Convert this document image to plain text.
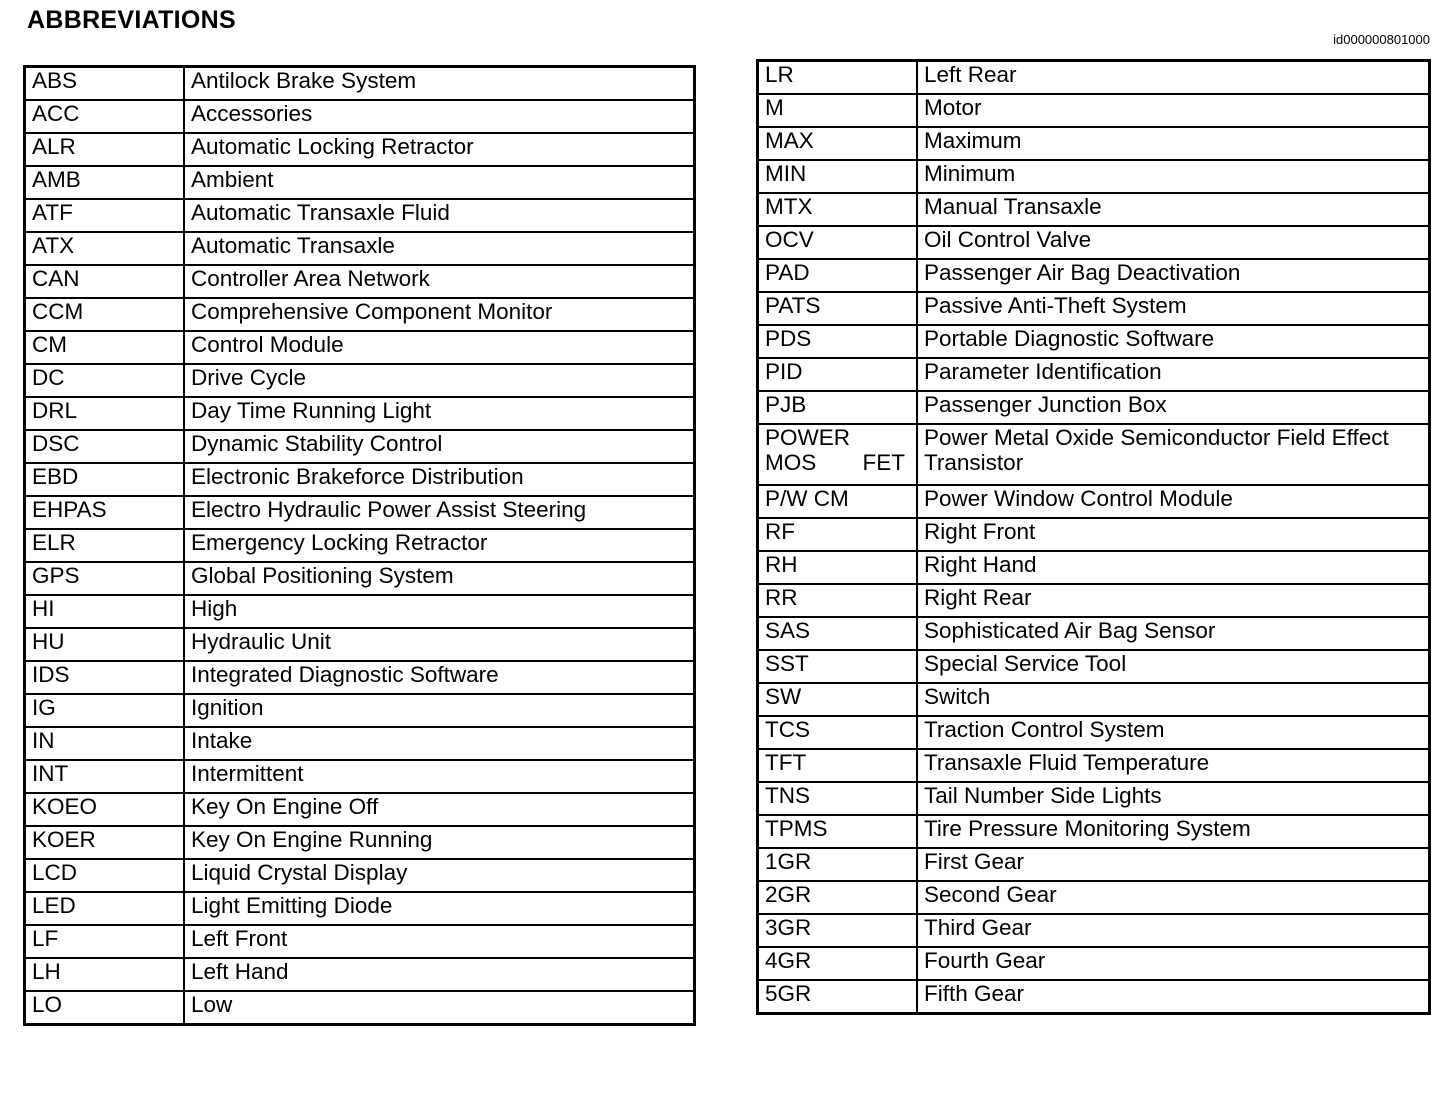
ABBREVIATIONS
id000000801000
ABS	Antilock Brake System
ACC	Accessories
ALR	Automatic Locking Retractor
AMB	Ambient
ATF	Automatic Transaxle Fluid
ATX	Automatic Transaxle
CAN	Controller Area Network
CCM	Comprehensive Component Monitor
CM	Control Module
DC	Drive Cycle
DRL	Day Time Running Light
DSC	Dynamic Stability Control
EBD	Electronic Brakeforce Distribution
EHPAS	Electro Hydraulic Power Assist Steering
ELR	Emergency Locking Retractor
GPS	Global Positioning System
HI	High
HU	Hydraulic Unit
IDS	Integrated Diagnostic Software
IG	Ignition
IN	Intake
INT	Intermittent
KOEO	Key On Engine Off
KOER	Key On Engine Running
LCD	Liquid Crystal Display
LED	Light Emitting Diode
LF	Left Front
LH	Left Hand
LO	Low
LR	Left Rear
M	Motor
MAX	Maximum
MIN	Minimum
MTX	Manual Transaxle
OCV	Oil Control Valve
PAD	Passenger Air Bag Deactivation
PATS	Passive Anti-Theft System
PDS	Portable Diagnostic Software
PID	Parameter Identification
PJB	Passenger Junction Box
POWER MOS FET	Power Metal Oxide Semiconductor Field Effect Transistor
P/W CM	Power Window Control Module
RF	Right Front
RH	Right Hand
RR	Right Rear
SAS	Sophisticated Air Bag Sensor
SST	Special Service Tool
SW	Switch
TCS	Traction Control System
TFT	Transaxle Fluid Temperature
TNS	Tail Number Side Lights
TPMS	Tire Pressure Monitoring System
1GR	First Gear
2GR	Second Gear
3GR	Third Gear
4GR	Fourth Gear
5GR	Fifth Gear
